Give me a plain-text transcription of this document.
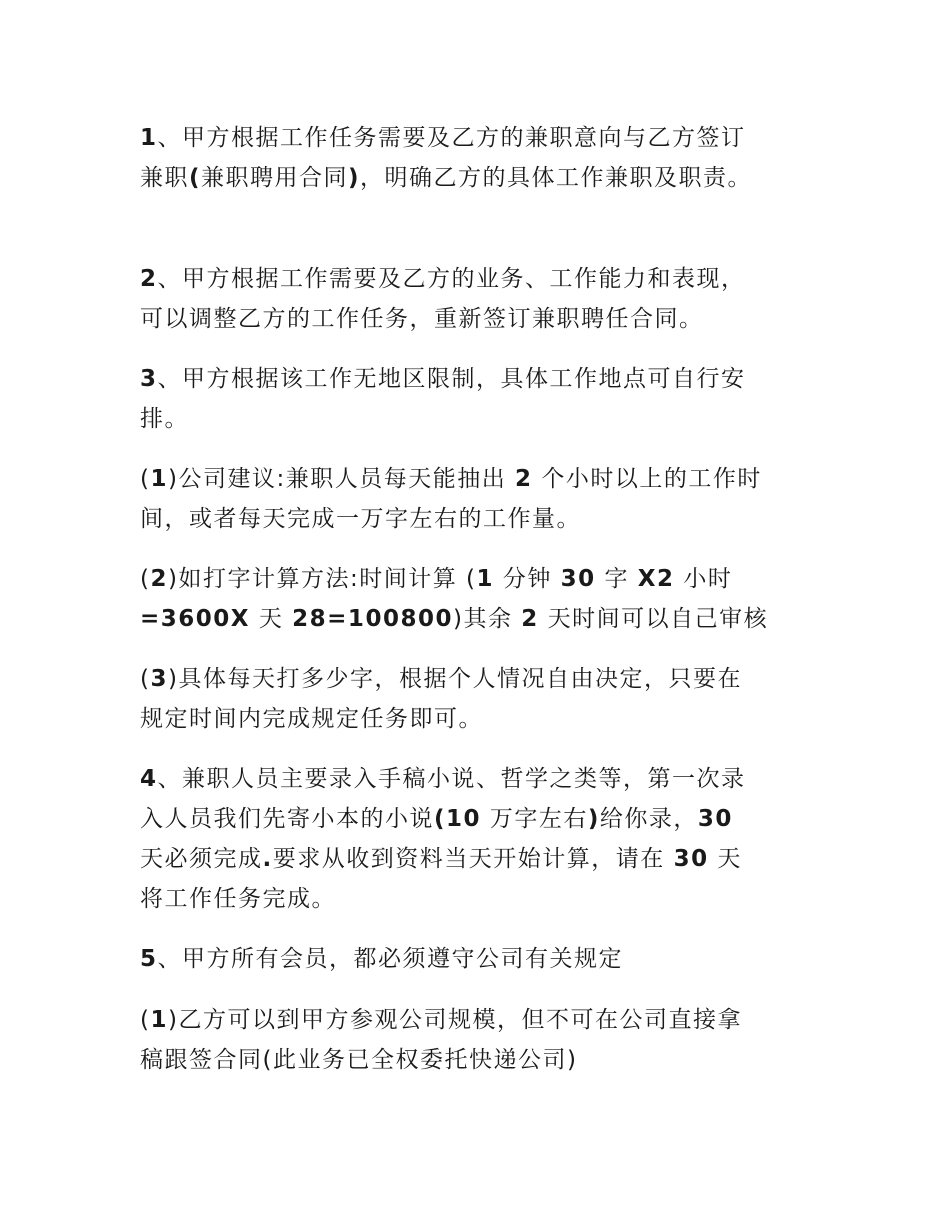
1、甲方根据工作任务需要及乙方的兼职意向与乙方签订
兼职(兼职聘用合同)，明确乙方的具体工作兼职及职责。
2、甲方根据工作需要及乙方的业务、工作能力和表现，
可以调整乙方的工作任务，重新签订兼职聘任合同。
3、甲方根据该工作无地区限制，具体工作地点可自行安
排。
(1)公司建议:兼职人员每天能抽出 2 个小时以上的工作时
间，或者每天完成一万字左右的工作量。
(2)如打字计算方法:时间计算 (1 分钟 30 字 X2 小时
=3600X 天 28=100800)其余 2 天时间可以自己审核
(3)具体每天打多少字，根据个人情况自由决定，只要在
规定时间内完成规定任务即可。
4、兼职人员主要录入手稿小说、哲学之类等，第一次录
入人员我们先寄小本的小说(10 万字左右)给你录，30
天必须完成.要求从收到资料当天开始计算，请在 30 天
将工作任务完成。
5、甲方所有会员，都必须遵守公司有关规定
(1)乙方可以到甲方参观公司规模，但不可在公司直接拿
稿跟签合同(此业务已全权委托快递公司)
